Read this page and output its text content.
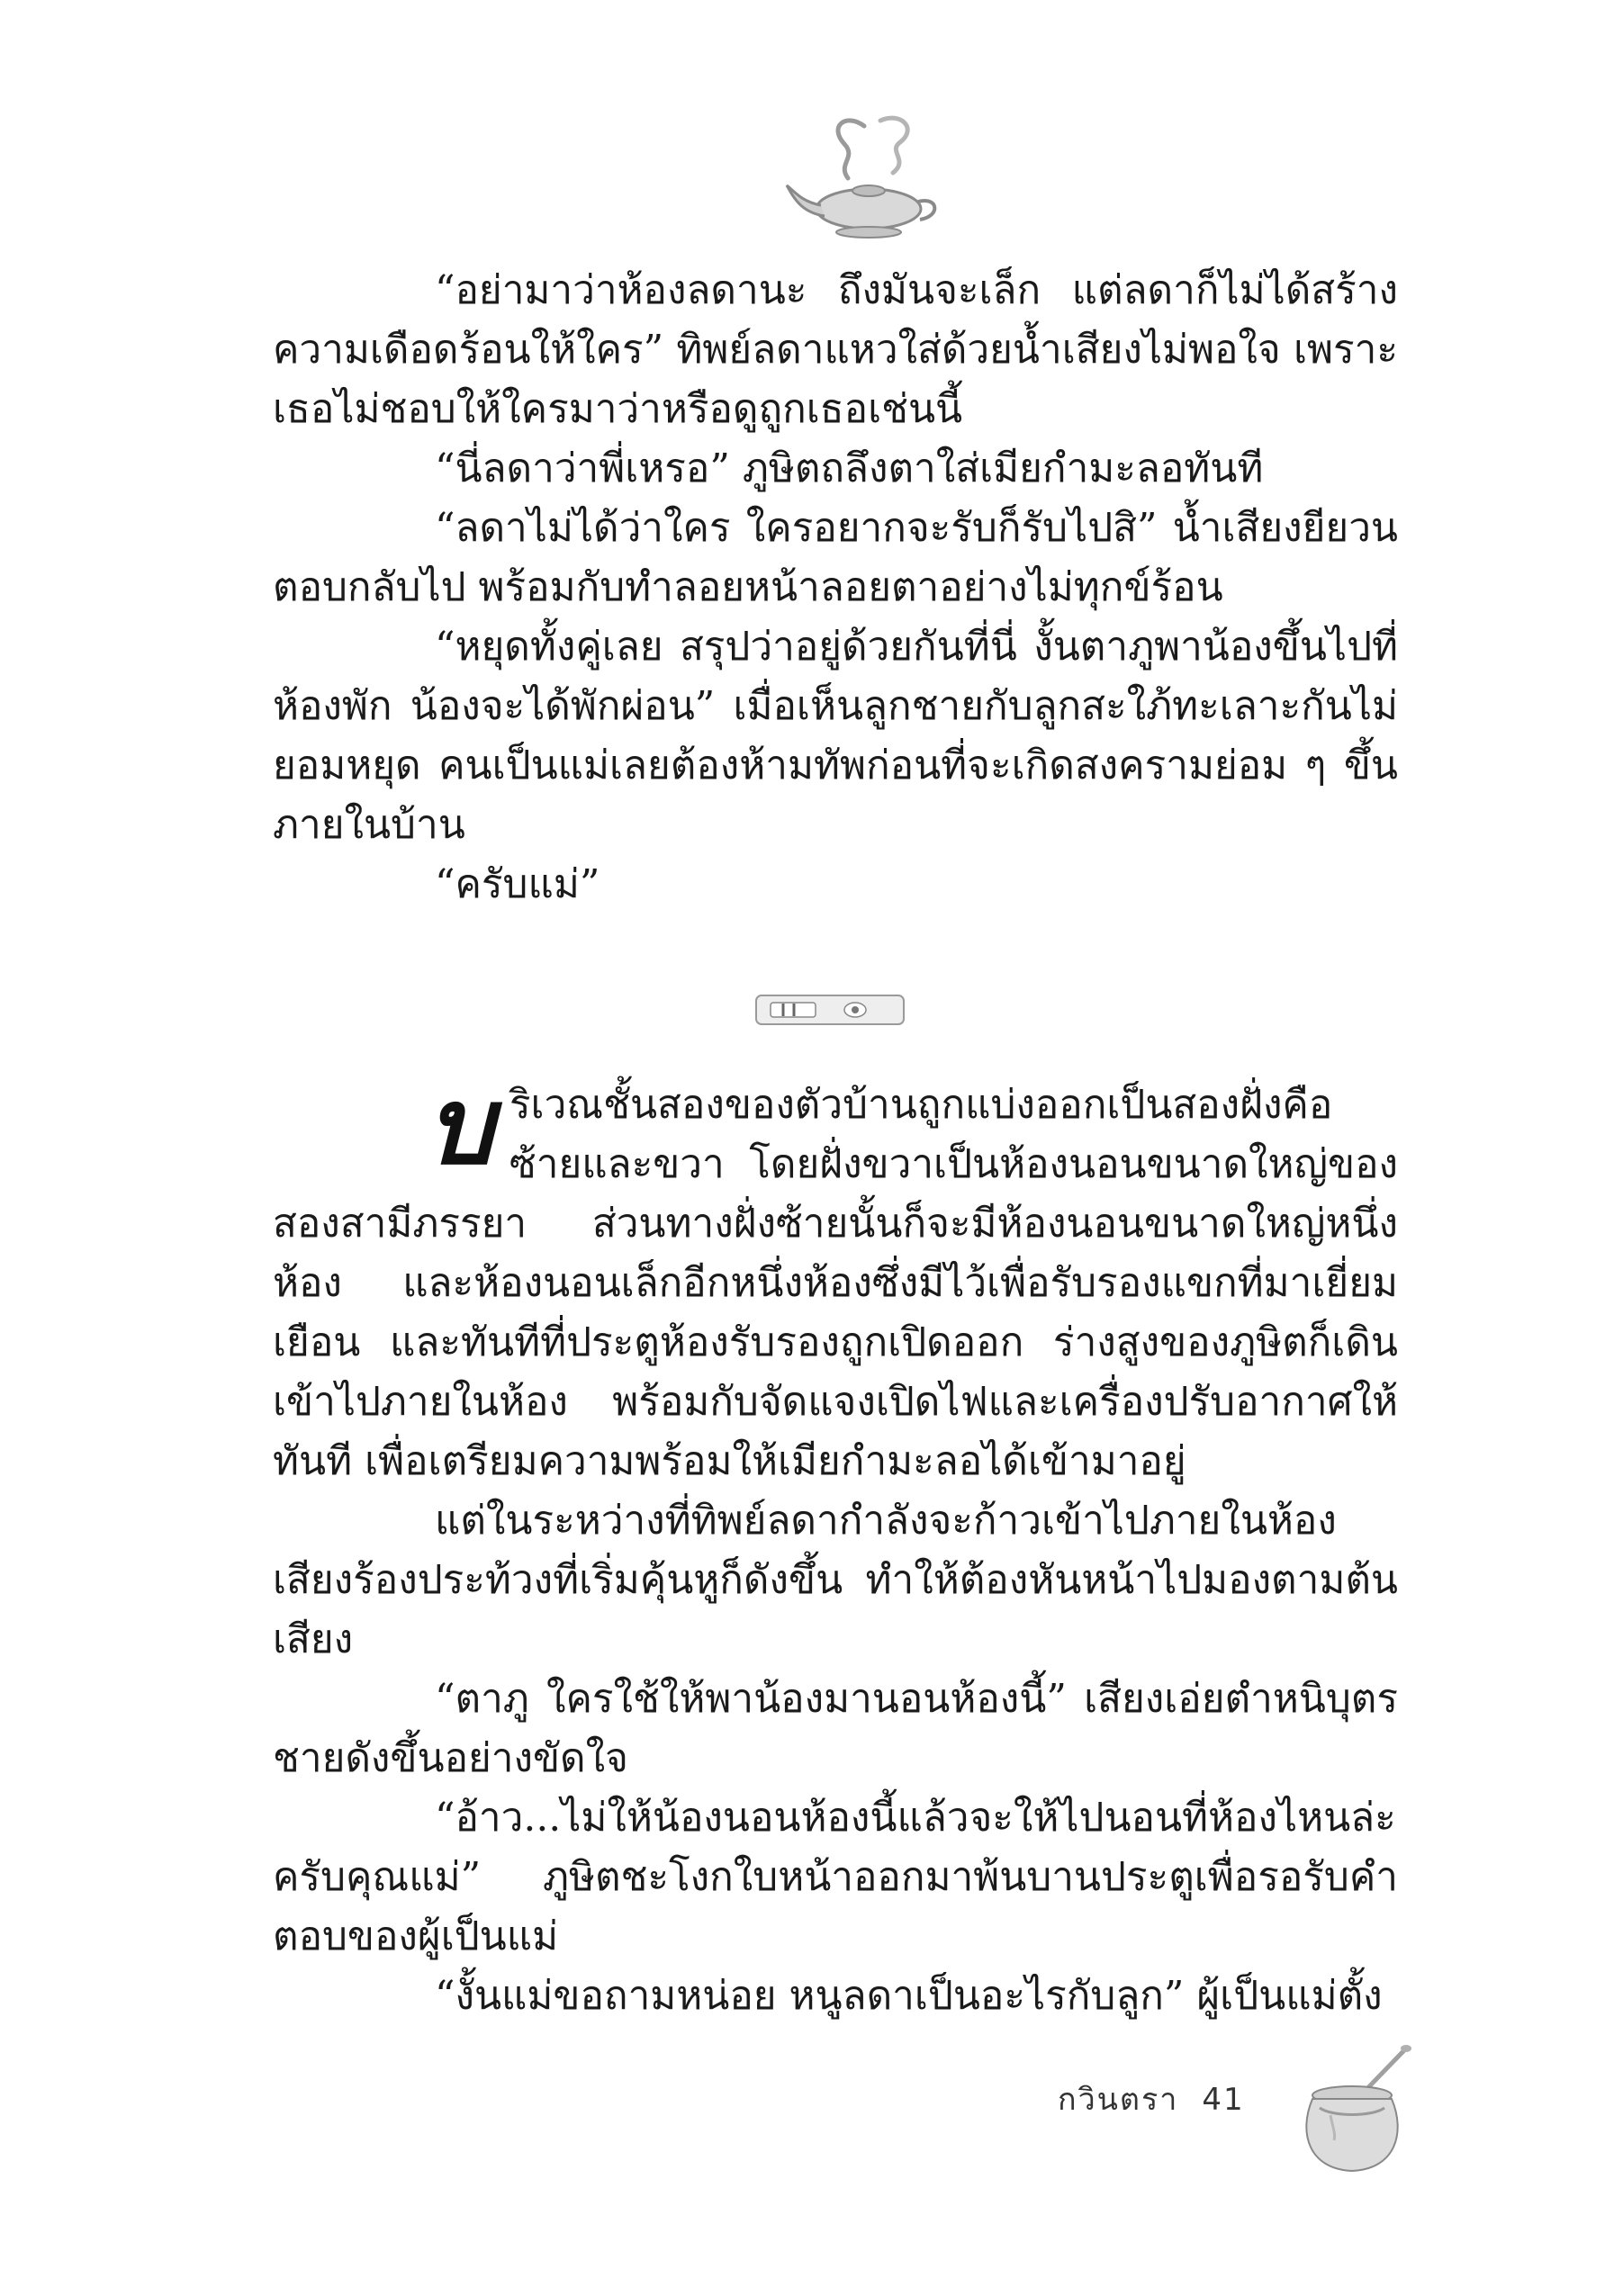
“อย่ามาว่าห้องลดานะ ถึงมันจะเล็ก แต่ลดาก็ไม่ได้สร้างความเดือดร้อนให้ใคร” ทิพย์ลดาแหวใส่ด้วยน้ำเสียงไม่พอใจ เพราะเธอไม่ชอบให้ใครมาว่าหรือดูถูกเธอเช่นนี้

“นี่ลดาว่าพี่เหรอ” ภูษิตถลึงตาใส่เมียกำมะลอทันที

“ลดาไม่ได้ว่าใคร ใครอยากจะรับก็รับไปสิ” น้ำเสียงยียวนตอบกลับไป พร้อมกับทำลอยหน้าลอยตาอย่างไม่ทุกข์ร้อน

“หยุดทั้งคู่เลย สรุปว่าอยู่ด้วยกันที่นี่ งั้นตาภูพาน้องขึ้นไปที่ห้องพัก น้องจะได้พักผ่อน” เมื่อเห็นลูกชายกับลูกสะใภ้ทะเลาะกันไม่ยอมหยุด คนเป็นแม่เลยต้องห้ามทัพก่อนที่จะเกิดสงครามย่อม ๆ ขึ้นภายในบ้าน

“ครับแม่”

บริเวณชั้นสองของตัวบ้านถูกแบ่งออกเป็นสองฝั่งคือซ้ายและขวา โดยฝั่งขวาเป็นห้องนอนขนาดใหญ่ของสองสามีภรรยา ส่วนทางฝั่งซ้ายนั้นก็จะมีห้องนอนขนาดใหญ่หนึ่งห้อง และห้องนอนเล็กอีกหนึ่งห้องซึ่งมีไว้เพื่อรับรองแขกที่มาเยี่ยมเยือน และทันทีที่ประตูห้องรับรองถูกเปิดออก ร่างสูงของภูษิตก็เดินเข้าไปภายในห้อง พร้อมกับจัดแจงเปิดไฟและเครื่องปรับอากาศให้ทันที เพื่อเตรียมความพร้อมให้เมียกำมะลอได้เข้ามาอยู่

แต่ในระหว่างที่ทิพย์ลดากำลังจะก้าวเข้าไปภายในห้อง เสียงร้องประท้วงที่เริ่มคุ้นหูก็ดังขึ้น ทำให้ต้องหันหน้าไปมองตามต้นเสียง

“ตาภู ใครใช้ให้พาน้องมานอนห้องนี้” เสียงเอ่ยตำหนิบุตรชายดังขึ้นอย่างขัดใจ

“อ้าว...ไม่ให้น้องนอนห้องนี้แล้วจะให้ไปนอนที่ห้องไหนล่ะครับคุณแม่” ภูษิตชะโงกใบหน้าออกมาพ้นบานประตูเพื่อรอรับคำตอบของผู้เป็นแม่

“งั้นแม่ขอถามหน่อย หนูลดาเป็นอะไรกับลูก” ผู้เป็นแม่ตั้ง

กวินตรา 41
